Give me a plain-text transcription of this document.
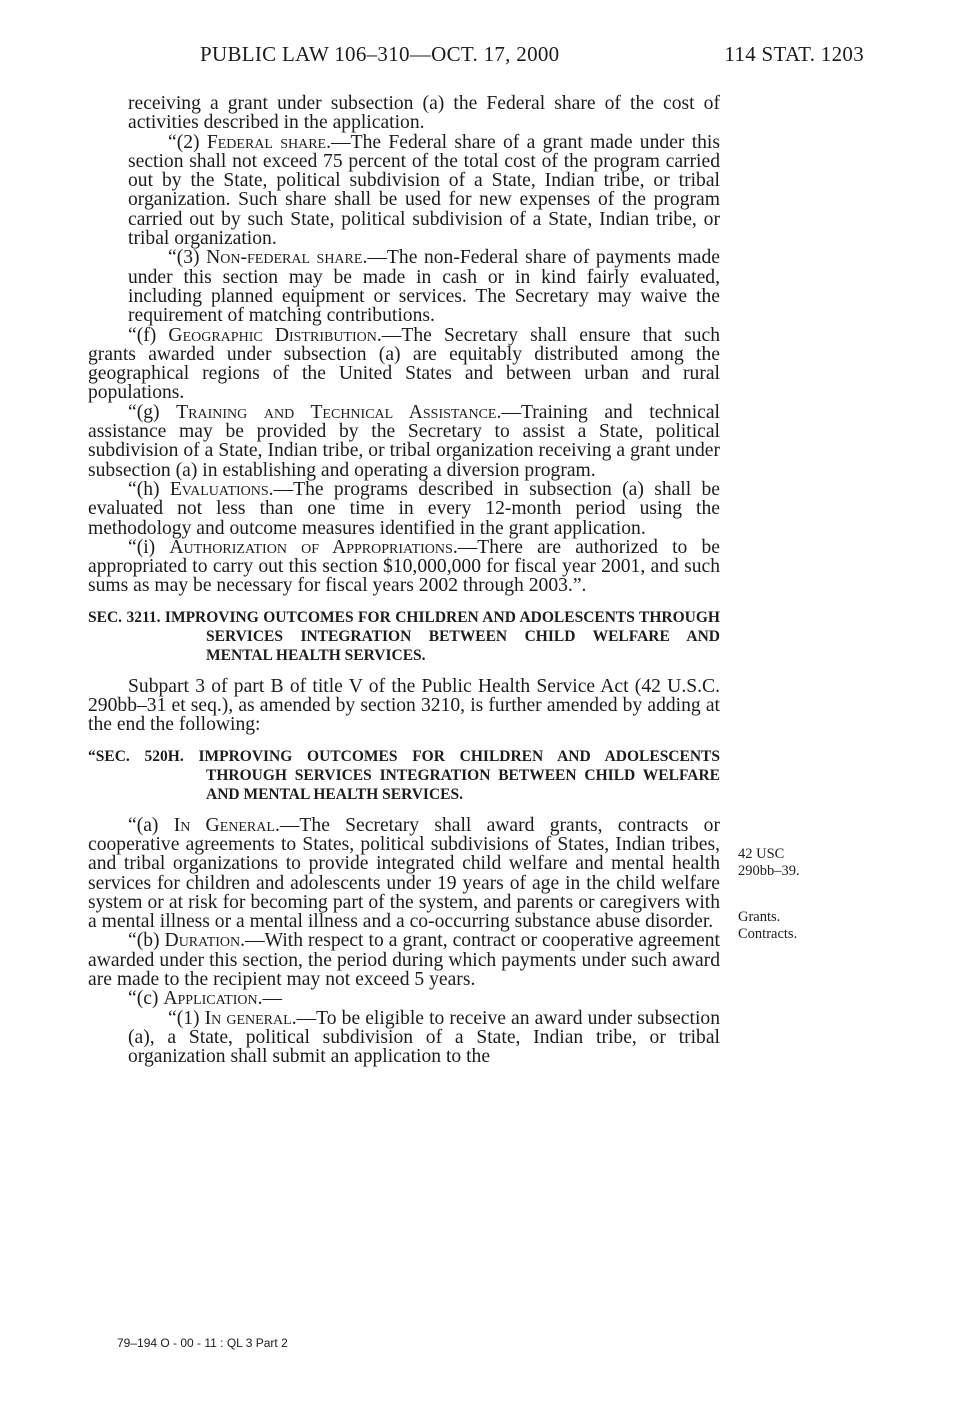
PUBLIC LAW 106–310—OCT. 17, 2000	114 STAT. 1203

receiving a grant under subsection (a) the Federal share of the cost of activities described in the application.

“(2) Federal share.—The Federal share of a grant made under this section shall not exceed 75 percent of the total cost of the program carried out by the State, political subdivision of a State, Indian tribe, or tribal organization. Such share shall be used for new expenses of the program carried out by such State, political subdivision of a State, Indian tribe, or tribal organization.

“(3) Non-federal share.—The non-Federal share of payments made under this section may be made in cash or in kind fairly evaluated, including planned equipment or services. The Secretary may waive the requirement of matching contributions.

“(f) Geographic Distribution.—The Secretary shall ensure that such grants awarded under subsection (a) are equitably distributed among the geographical regions of the United States and between urban and rural populations.

“(g) Training and Technical Assistance.—Training and technical assistance may be provided by the Secretary to assist a State, political subdivision of a State, Indian tribe, or tribal organization receiving a grant under subsection (a) in establishing and operating a diversion program.

“(h) Evaluations.—The programs described in subsection (a) shall be evaluated not less than one time in every 12-month period using the methodology and outcome measures identified in the grant application.

“(i) Authorization of Appropriations.—There are authorized to be appropriated to carry out this section $10,000,000 for fiscal year 2001, and such sums as may be necessary for fiscal years 2002 through 2003.”.

SEC. 3211. IMPROVING OUTCOMES FOR CHILDREN AND ADOLESCENTS THROUGH SERVICES INTEGRATION BETWEEN CHILD WELFARE AND MENTAL HEALTH SERVICES.

Subpart 3 of part B of title V of the Public Health Service Act (42 U.S.C. 290bb–31 et seq.), as amended by section 3210, is further amended by adding at the end the following:

“SEC. 520H. IMPROVING OUTCOMES FOR CHILDREN AND ADOLESCENTS THROUGH SERVICES INTEGRATION BETWEEN CHILD WELFARE AND MENTAL HEALTH SERVICES.

“(a) In General.—The Secretary shall award grants, contracts or cooperative agreements to States, political subdivisions of States, Indian tribes, and tribal organizations to provide integrated child welfare and mental health services for children and adolescents under 19 years of age in the child welfare system or at risk for becoming part of the system, and parents or caregivers with a mental illness or a mental illness and a co-occurring substance abuse disorder.

“(b) Duration.—With respect to a grant, contract or cooperative agreement awarded under this section, the period during which payments under such award are made to the recipient may not exceed 5 years.

“(c) Application.—

“(1) In general.—To be eligible to receive an award under subsection (a), a State, political subdivision of a State, Indian tribe, or tribal organization shall submit an application to the

42 USC 290bb–39.
Grants.
Contracts.
79–194 O - 00 - 11 : QL 3 Part 2
